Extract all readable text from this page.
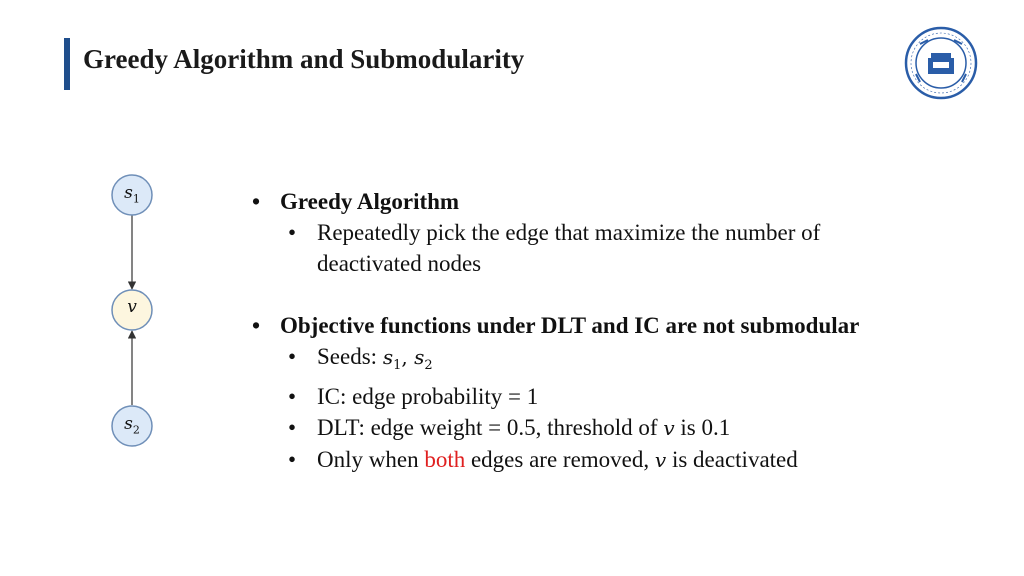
Greedy Algorithm and Submodularity
$s_1$
v
$s_2$
• Greedy Algorithm
• Repeatedly pick the edge that maximize the number of deactivated nodes
• Objective functions under DLT and IC are not submodular
• Seeds: $s_1$, $s_2$
• IC: edge probability = 1
• DLT: edge weight = 0.5, threshold of v is 0.1
• Only when both edges are removed, v is deactivated
